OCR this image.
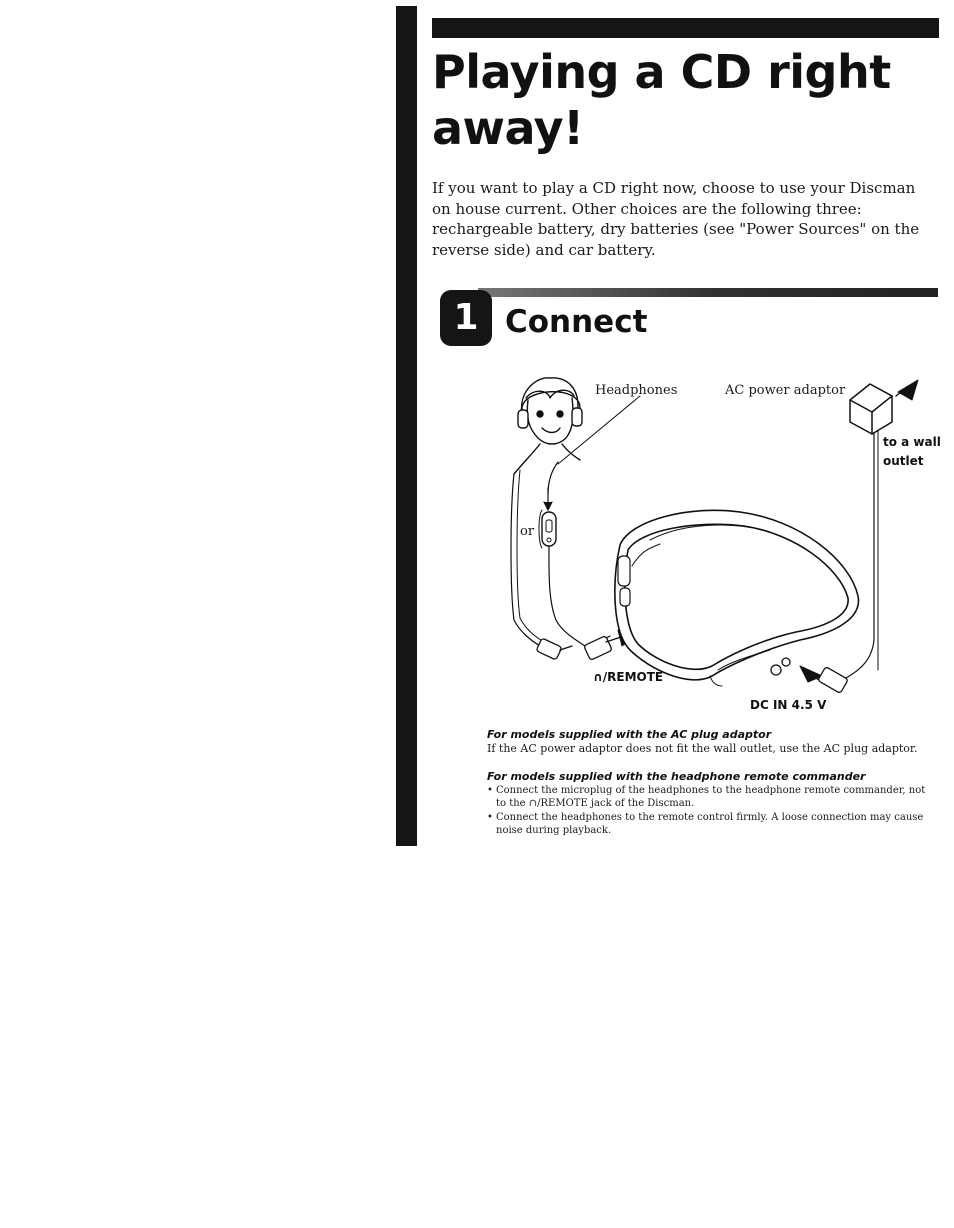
Playing a CD right
away!

If you want to play a CD right now, choose to use your Discman on house current. Other choices are the following three: rechargeable battery, dry batteries (see "Power Sources" on the reverse side) and car battery.

1 Connect
Headphones	AC power adaptor
to a wall
outlet
or
∩/REMOTE
DC IN 4.5 V

For models supplied with the AC plug adaptor

If the AC power adaptor does not fit the wall outlet, use the AC plug adaptor.

For models supplied with the headphone remote commander

• Connect the microplug of the headphones to the headphone remote commander, not to the ∩/REMOTE jack of the Discman.
• Connect the headphones to the remote control firmly. A loose connection may cause noise during playback.
